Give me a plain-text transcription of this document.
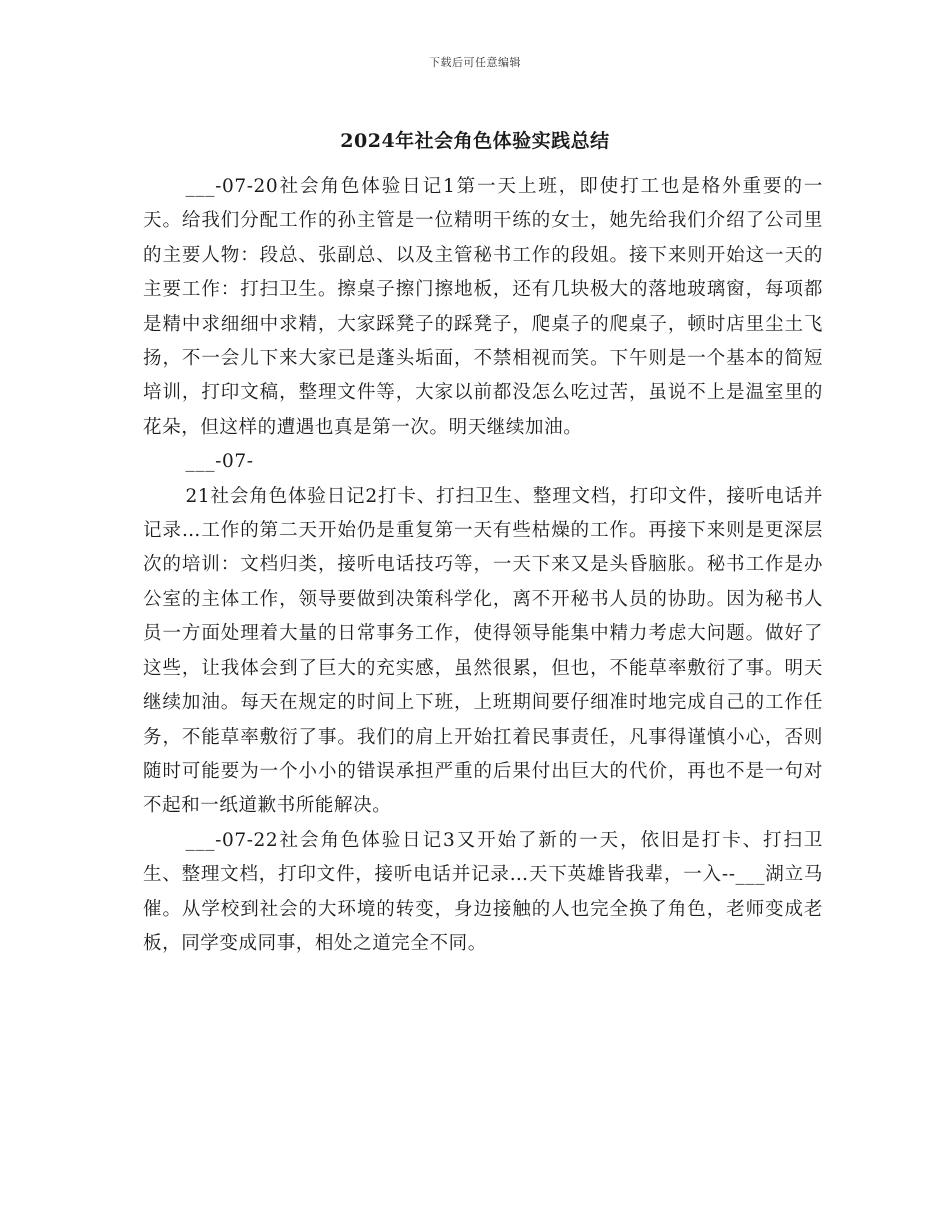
下载后可任意编辑
2024年社会角色体验实践总结

___-07-20社会角色体验日记1第一天上班，即使打工也是格外重要的一天。给我们分配工作的孙主管是一位精明干练的女士，她先给我们介绍了公司里的主要人物：段总、张副总、以及主管秘书工作的段姐。接下来则开始这一天的主要工作：打扫卫生。擦桌子擦门擦地板，还有几块极大的落地玻璃窗，每项都是精中求细细中求精，大家踩凳子的踩凳子，爬桌子的爬桌子，顿时店里尘土飞扬，不一会儿下来大家已是蓬头垢面，不禁相视而笑。下午则是一个基本的简短培训，打印文稿，整理文件等，大家以前都没怎么吃过苦，虽说不上是温室里的花朵，但这样的遭遇也真是第一次。明天继续加油。

___-07-

21社会角色体验日记2打卡、打扫卫生、整理文档，打印文件，接听电话并记录…工作的第二天开始仍是重复第一天有些枯燥的工作。再接下来则是更深层次的培训：文档归类，接听电话技巧等，一天下来又是头昏脑胀。秘书工作是办公室的主体工作，领导要做到决策科学化，离不开秘书人员的协助。因为秘书人员一方面处理着大量的日常事务工作，使得领导能集中精力考虑大问题。做好了这些，让我体会到了巨大的充实感，虽然很累，但也，不能草率敷衍了事。明天继续加油。每天在规定的时间上下班，上班期间要仔细准时地完成自己的工作任务，不能草率敷衍了事。我们的肩上开始扛着民事责任，凡事得谨慎小心，否则随时可能要为一个小小的错误承担严重的后果付出巨大的代价，再也不是一句对不起和一纸道歉书所能解决。

___-07-22社会角色体验日记3又开始了新的一天，依旧是打卡、打扫卫生、整理文档，打印文件，接听电话并记录…天下英雄皆我辈，一入--___湖立马催。从学校到社会的大环境的转变，身边接触的人也完全换了角色，老师变成老板，同学变成同事，相处之道完全不同。
